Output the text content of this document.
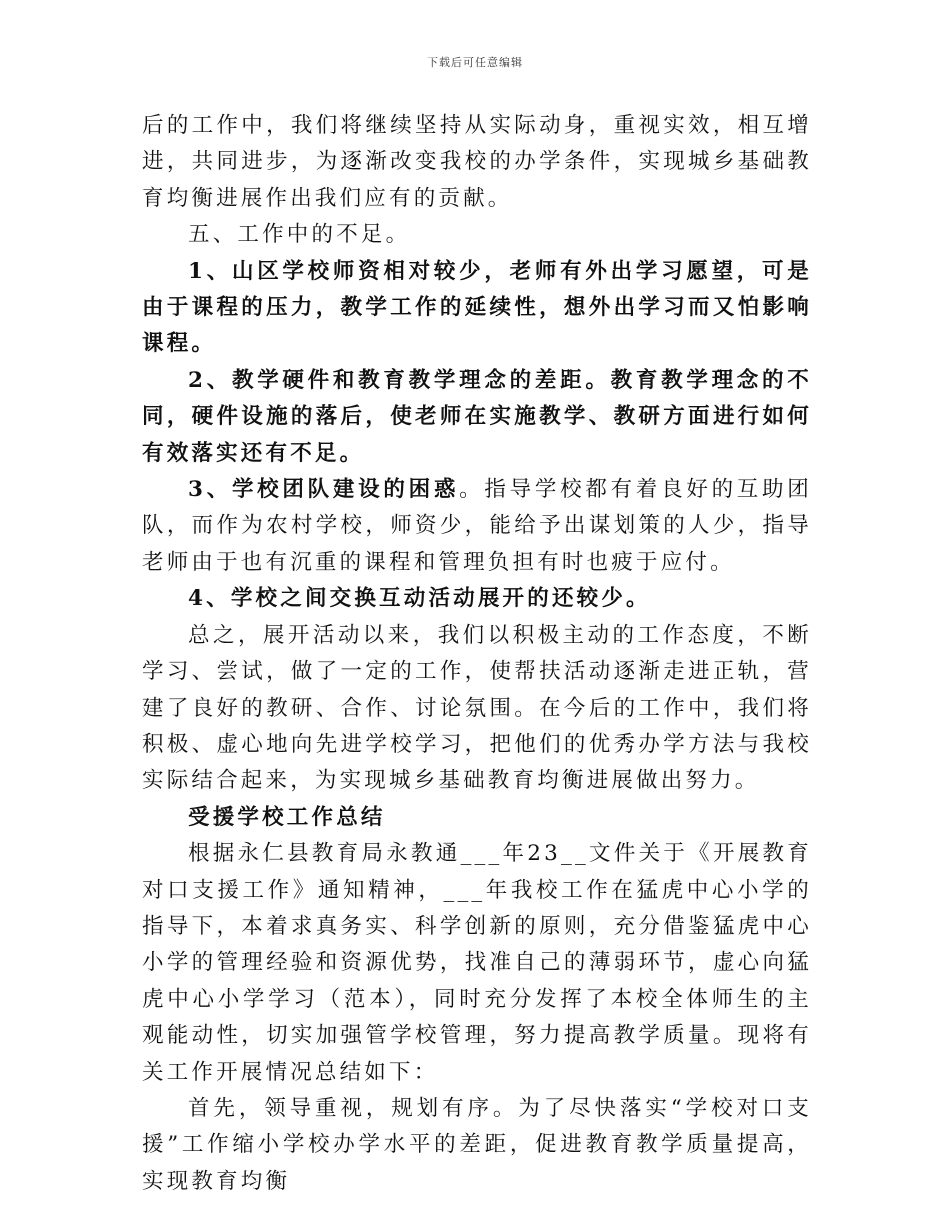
下载后可任意编辑

后的工作中，我们将继续坚持从实际动身，重视实效，相互增进，共同进步，为逐渐改变我校的办学条件，实现城乡基础教育均衡进展作出我们应有的贡献。

五、工作中的不足。

1、山区学校师资相对较少，老师有外出学习愿望，可是由于课程的压力，教学工作的延续性，想外出学习而又怕影响课程。

2、教学硬件和教育教学理念的差距。教育教学理念的不同，硬件设施的落后，使老师在实施教学、教研方面进行如何有效落实还有不足。

3、学校团队建设的困惑。指导学校都有着良好的互助团队，而作为农村学校，师资少，能给予出谋划策的人少，指导老师由于也有沉重的课程和管理负担有时也疲于应付。

4、学校之间交换互动活动展开的还较少。

总之，展开活动以来，我们以积极主动的工作态度，不断学习、尝试，做了一定的工作，使帮扶活动逐渐走进正轨，营建了良好的教研、合作、讨论氛围。在今后的工作中，我们将积极、虚心地向先进学校学习，把他们的优秀办学方法与我校实际结合起来，为实现城乡基础教育均衡进展做出努力。

受援学校工作总结

根据永仁县教育局永教通___年23__文件关于《开展教育对口支援工作》通知精神，___年我校工作在猛虎中心小学的指导下，本着求真务实、科学创新的原则，充分借鉴猛虎中心小学的管理经验和资源优势，找准自己的薄弱环节，虚心向猛虎中心小学学习（范本），同时充分发挥了本校全体师生的主观能动性，切实加强管学校管理，努力提高教学质量。现将有关工作开展情况总结如下：

首先，领导重视，规划有序。为了尽快落实“学校对口支援”工作缩小学校办学水平的差距，促进教育教学质量提高，实现教育均衡
